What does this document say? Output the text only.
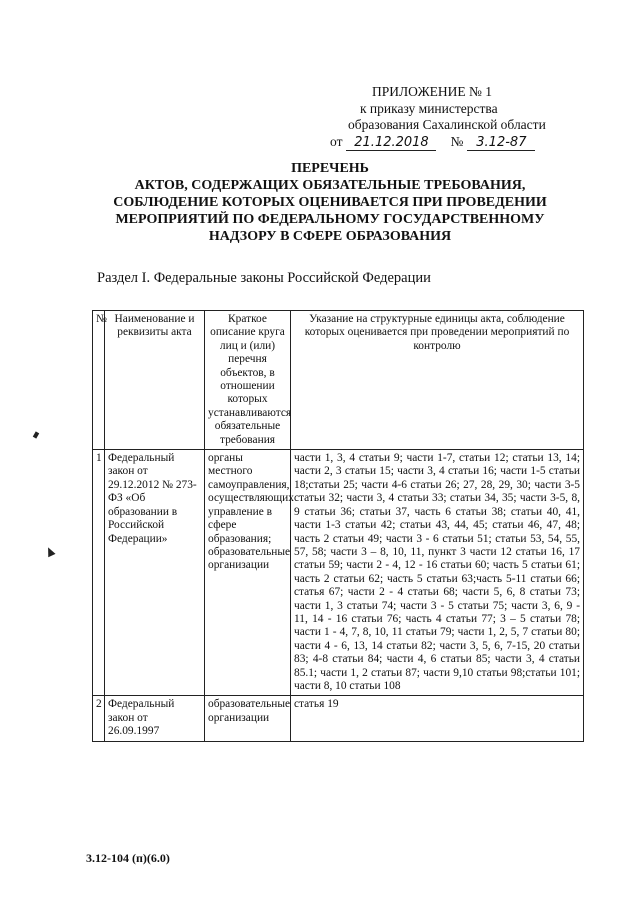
ПРИЛОЖЕНИЕ № 1
к приказу министерства
образования Сахалинской области
от 21.12.2018	№ 3.12-87
ПЕРЕЧЕНЬ
АКТОВ, СОДЕРЖАЩИХ ОБЯЗАТЕЛЬНЫЕ ТРЕБОВАНИЯ,
СОБЛЮДЕНИЕ КОТОРЫХ ОЦЕНИВАЕТСЯ ПРИ ПРОВЕДЕНИИ
МЕРОПРИЯТИЙ ПО ФЕДЕРАЛЬНОМУ ГОСУДАРСТВЕННОМУ
НАДЗОРУ В СФЕРЕ ОБРАЗОВАНИЯ
Раздел I. Федеральные законы Российской Федерации
№	Наименование и реквизиты акта	Краткое описание круга лиц и (или) перечня объектов, в отношении которых устанавливаются обязательные требования	Указание на структурные единицы акта, соблюдение которых оценивается при проведении мероприятий по контролю
1	Федеральный закон от 29.12.2012 № 273-ФЗ «Об образовании в Российской Федерации»	органы местного самоуправления, осуществляющих управление в сфере образования; образовательные организации	части 1, 3, 4 статьи 9; части 1-7, статьи 12; статьи 13, 14; части 2, 3 статьи 15; части 3, 4 статьи 16; части 1-5 статьи 18;статьи 25; части 4-6 статьи 26; 27, 28, 29, 30; части 3-5 статьи 32; части 3, 4 статьи 33; статьи 34, 35; части 3-5, 8, 9 статьи 36; статьи 37, часть 6 статьи 38; статьи 40, 41, части 1-3 статьи 42; статьи 43, 44, 45; статьи 46, 47, 48; часть 2 статьи 49; части 3 - 6 статьи 51; статьи 53, 54, 55, 57, 58; части 3 – 8, 10, 11, пункт 3 части 12 статьи 16, 17 статьи 59; части 2 - 4, 12 - 16 статьи 60; часть 5 статьи 61; часть 2 статьи 62; часть 5 статьи 63;часть 5-11 статьи 66; статья 67; части 2 - 4 статьи 68; части 5, 6, 8 статьи 73; части 1, 3 статьи 74; части 3 - 5 статьи 75; части 3, 6, 9 - 11, 14 - 16 статьи 76; часть 4 статьи 77; 3 – 5 статьи 78; части 1 - 4, 7, 8, 10, 11 статьи 79; части 1, 2, 5, 7 статьи 80; части 4 - 6, 13, 14 статьи 82; части 3, 5, 6, 7-15, 20 статьи 83; 4-8 статьи 84; части 4, 6 статьи 85; части 3, 4 статьи 85.1; части 1, 2 статьи 87; части 9,10 статьи 98;статьи 101; части 8, 10 статьи 108
2	Федеральный закон от 26.09.1997	образовательные организации	статья 19
3.12-104 (п)(6.0)
